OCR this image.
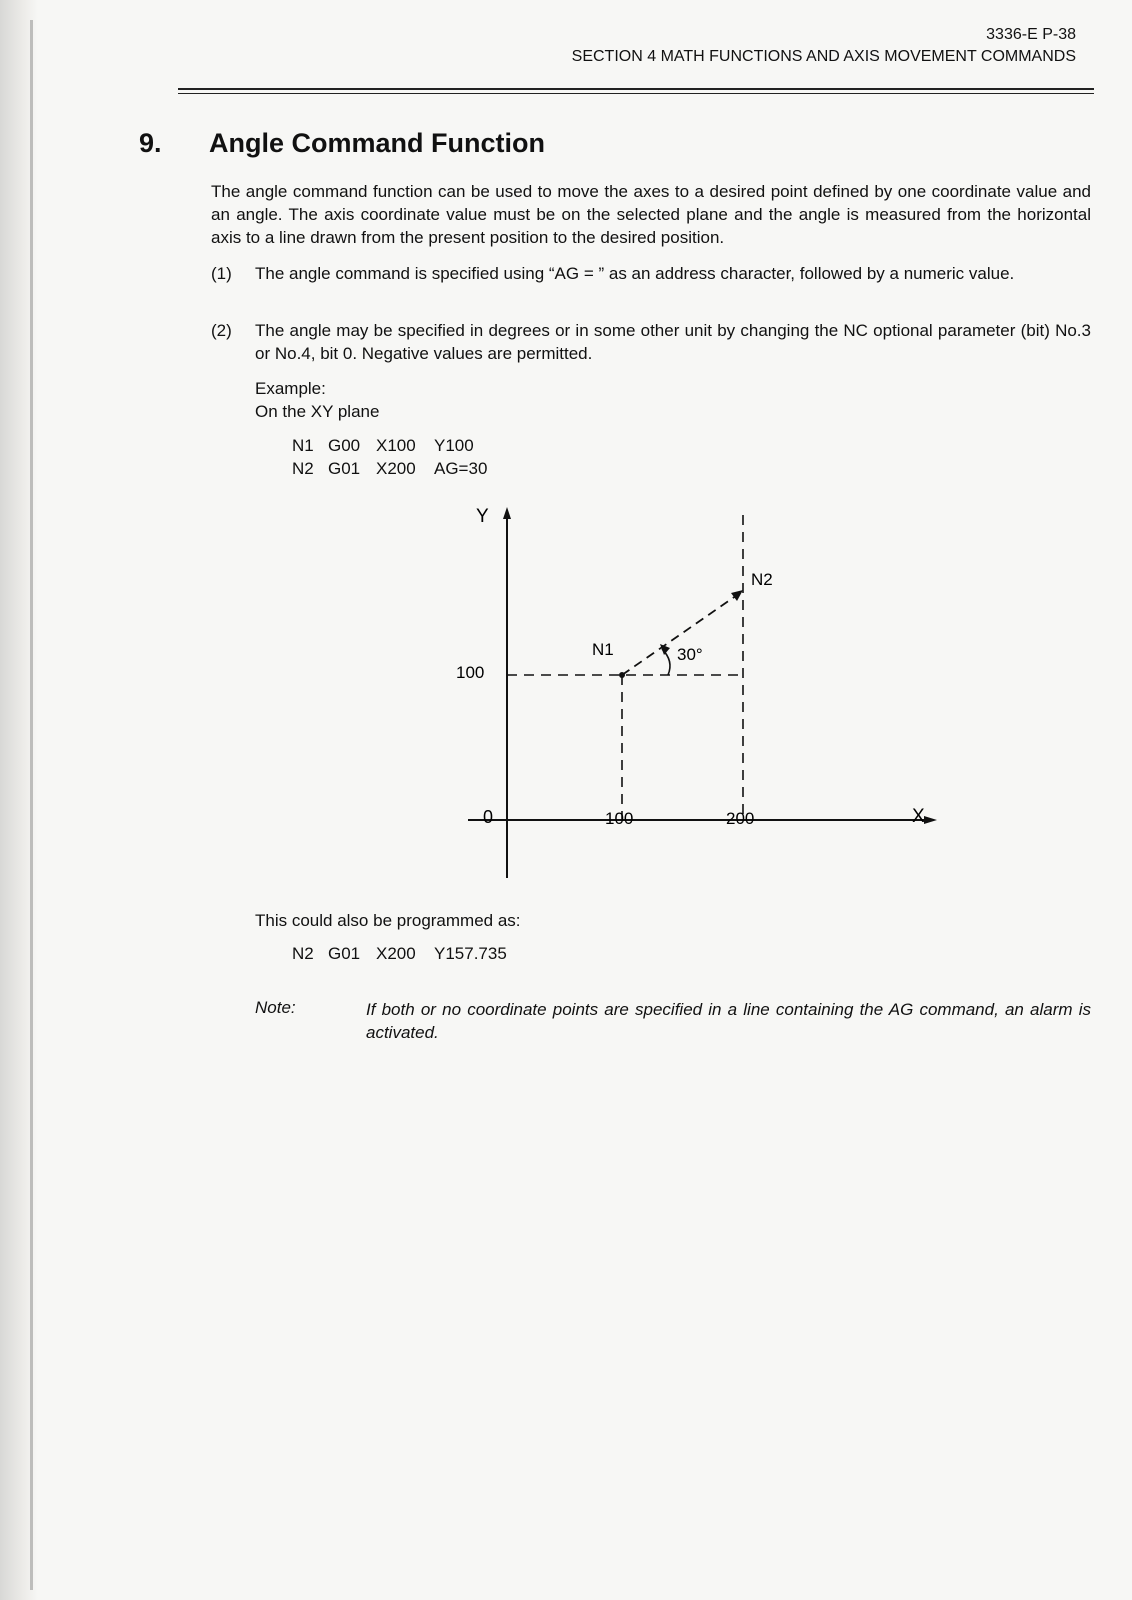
3336-E P-38
SECTION 4 MATH FUNCTIONS AND AXIS MOVEMENT COMMANDS
9. Angle Command Function
The angle command function can be used to move the axes to a desired point defined by one coordinate value and an angle. The axis coordinate value must be on the selected plane and the angle is measured from the horizontal axis to a line drawn from the present position to the desired position.
(1) The angle command is specified using “AG = ” as an address character, followed by a numeric value.
(2) The angle may be specified in degrees or in some other unit by changing the NC optional parameter (bit) No.3 or No.4, bit 0. Negative values are permitted.
Example:
On the XY plane
N1 G00 X100 Y100
N2 G01 X200 AG=30
Y
X
0
100
100	200
N1
N2
30°
This could also be programmed as:
N2 G01 X200 Y157.735
Note:	If both or no coordinate points are specified in a line containing the AG command, an alarm is activated.
